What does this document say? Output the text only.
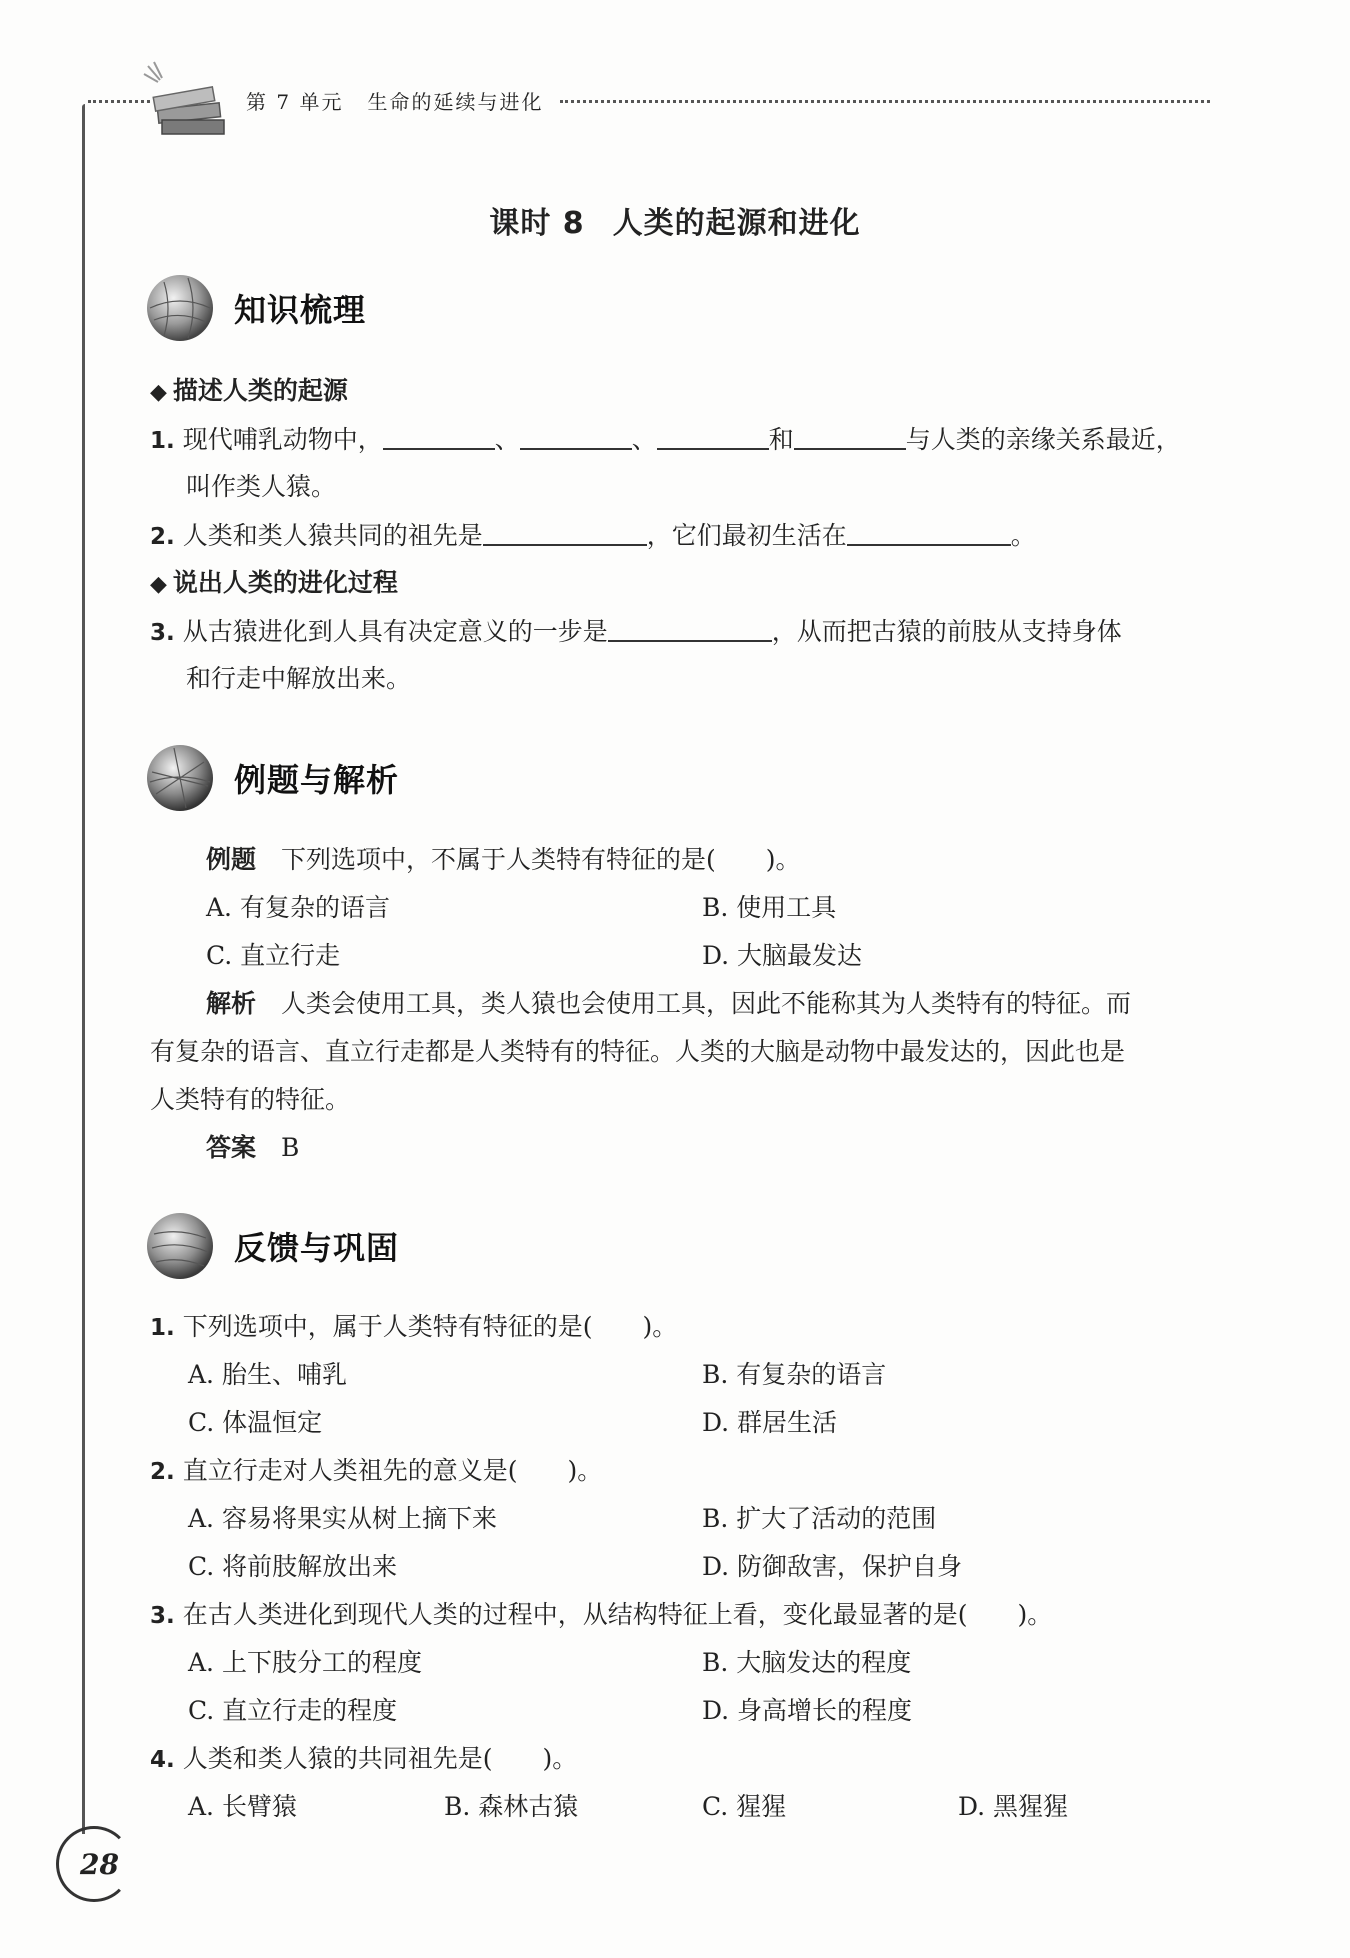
第 7 单元 生命的延续与进化
课时 8 人类的起源和进化
知识梳理
◆ 描述人类的起源
1. 现代哺乳动物中，	、	、	和	与人类的亲缘关系最近，
叫作类人猿。
2. 人类和类人猿共同的祖先是	，它们最初生活在	。
◆ 说出人类的进化过程
3. 从古猿进化到人具有决定意义的一步是	，从而把古猿的前肢从支持身体
和行走中解放出来。
例题与解析
例题　 下列选项中，不属于人类特有特征的是(　　)。
A. 有复杂的语言	B. 使用工具
C. 直立行走	D. 大脑最发达
解析　 人类会使用工具，类人猿也会使用工具，因此不能称其为人类特有的特征。而
有复杂的语言、直立行走都是人类特有的特征。人类的大脑是动物中最发达的，因此也是
人类特有的特征。
答案　 B
反馈与巩固
1. 下列选项中，属于人类特有特征的是(　　)。
A. 胎生、哺乳	B. 有复杂的语言
C. 体温恒定	D. 群居生活
2. 直立行走对人类祖先的意义是(　　)。
A. 容易将果实从树上摘下来	B. 扩大了活动的范围
C. 将前肢解放出来	D. 防御敌害，保护自身
3. 在古人类进化到现代人类的过程中，从结构特征上看，变化最显著的是(　　)。
A. 上下肢分工的程度	B. 大脑发达的程度
C. 直立行走的程度	D. 身高增长的程度
4. 人类和类人猿的共同祖先是(　　)。
A. 长臂猿	B. 森林古猿	C. 猩猩	D. 黑猩猩
28
